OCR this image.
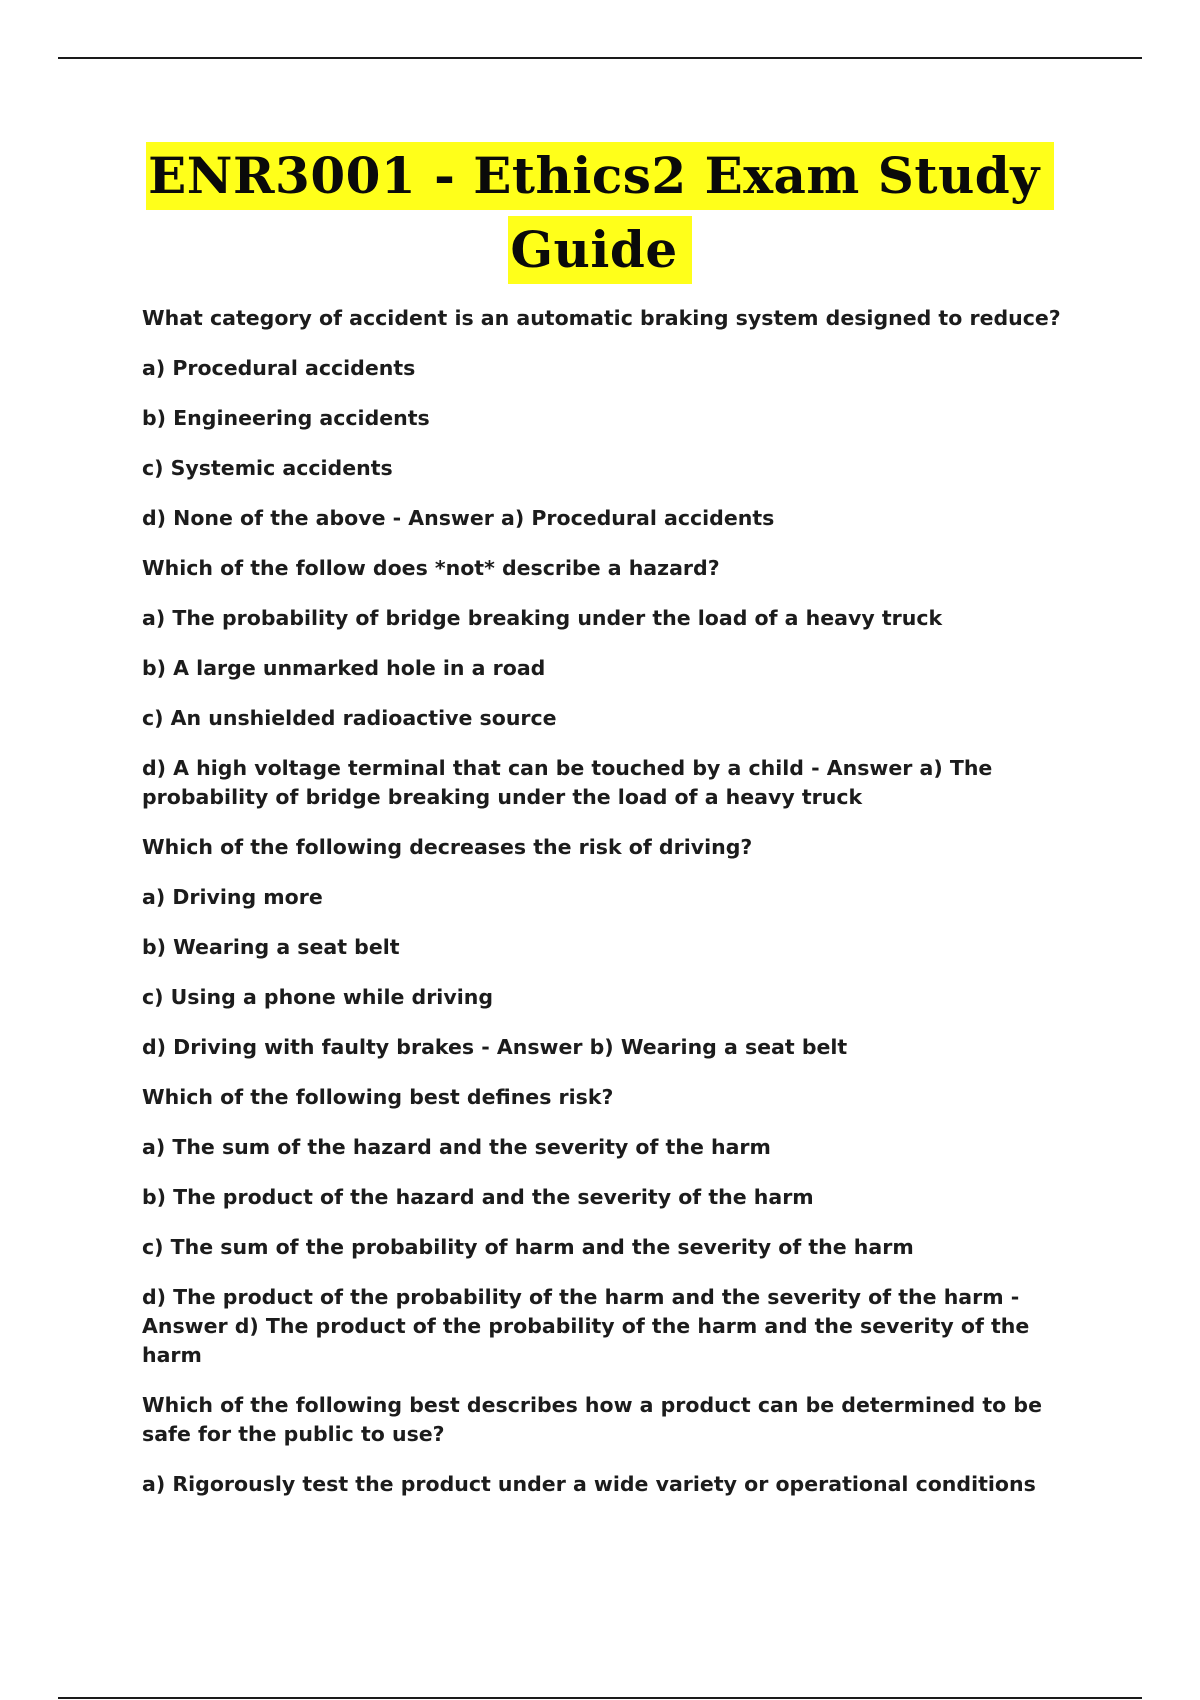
ENR3001 - Ethics2 Exam Study
Guide

What category of accident is an automatic braking system designed to reduce?

a) Procedural accidents

b) Engineering accidents

c) Systemic accidents

d) None of the above - Answer a) Procedural accidents

Which of the follow does *not* describe a hazard?

a) The probability of bridge breaking under the load of a heavy truck

b) A large unmarked hole in a road

c) An unshielded radioactive source

d) A high voltage terminal that can be touched by a child - Answer a) The probability of bridge breaking under the load of a heavy truck

Which of the following decreases the risk of driving?

a) Driving more

b) Wearing a seat belt

c) Using a phone while driving

d) Driving with faulty brakes - Answer b) Wearing a seat belt

Which of the following best defines risk?

a) The sum of the hazard and the severity of the harm

b) The product of the hazard and the severity of the harm

c) The sum of the probability of harm and the severity of the harm

d) The product of the probability of the harm and the severity of the harm - Answer d) The product of the probability of the harm and the severity of the harm

Which of the following best describes how a product can be determined to be safe for the public to use?

a) Rigorously test the product under a wide variety or operational conditions
